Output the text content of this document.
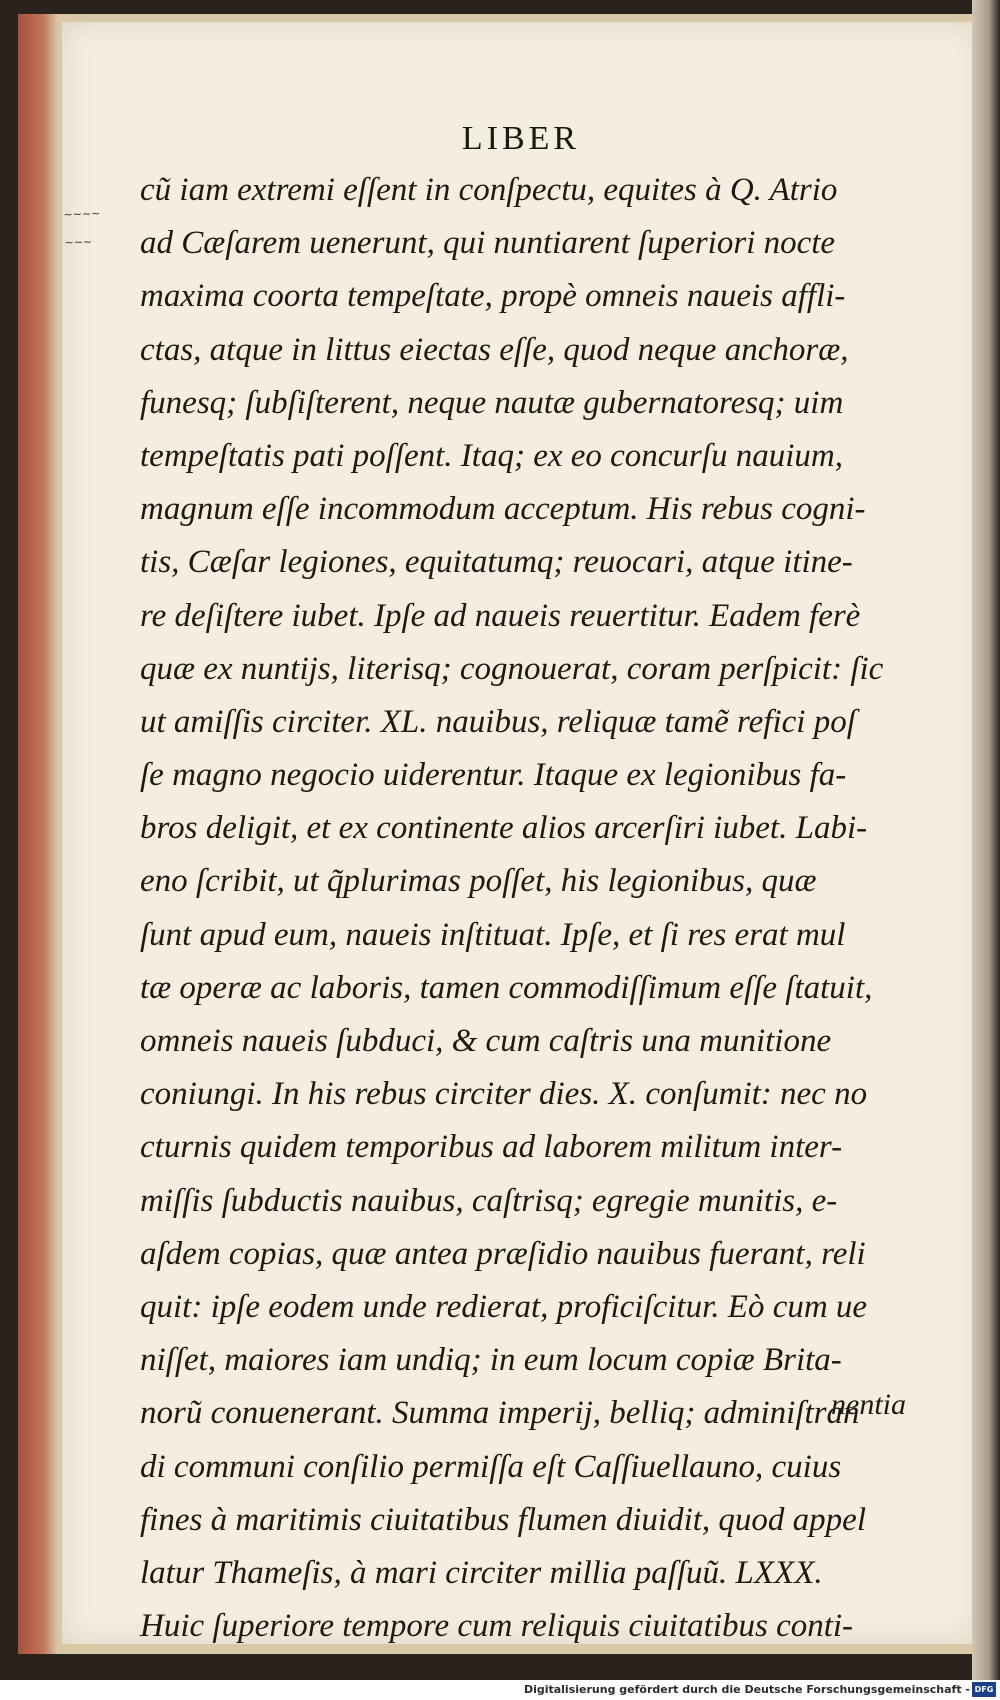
LIBER
~~~~
~~~
cũ iam extremi eſſent in conſpectu, equites à Q. Atrio
ad Cæſarem uenerunt, qui nuntiarent ſuperiori nocte
maxima coorta tempeſtate, propè omneis naueis affli-
ctas, atque in littus eiectas eſſe, quod neque anchoræ,
funesq; ſubſiſterent, neque nautæ gubernatoresq; uim
tempeſtatis pati poſſent. Itaq; ex eo concurſu nauium,
magnum eſſe incommodum acceptum. His rebus cogni-
tis, Cæſar legiones, equitatumq; reuocari, atque itine-
re deſiſtere iubet. Ipſe ad naueis reuertitur. Eadem ferè
quæ ex nuntijs, literisq; cognouerat, coram perſpicit: ſic
ut amiſſis circiter. XL. nauibus, reliquæ tamẽ refici poſ
ſe magno negocio uiderentur. Itaque ex legionibus fa-
bros deligit, et ex continente alios arcerſiri iubet. Labi-
eno ſcribit, ut q̃plurimas poſſet, his legionibus, quæ
ſunt apud eum, naueis inſtituat. Ipſe, et ſi res erat mul
tæ operæ ac laboris, tamen commodiſſimum eſſe ſtatuit,
omneis naueis ſubduci, & cum caſtris una munitione
coniungi. In his rebus circiter dies. X. conſumit: nec no
cturnis quidem temporibus ad laborem militum inter-
miſſis ſubductis nauibus, caſtrisq; egregie munitis, e-
aſdem copias, quæ antea præſidio nauibus fuerant, reli
quit: ipſe eodem unde redierat, proficiſcitur. Eò cum ue
niſſet, maiores iam undiq; in eum locum copiæ Brita-
norũ conuenerant. Summa imperij, belliq; adminiſtran
di communi conſilio permiſſa eſt Caſſiuellauno, cuius
fines à maritimis ciuitatibus flumen diuidit, quod appel
latur Thameſis, à mari circiter millia paſſuũ. LXXX.
Huic ſuperiore tempore cum reliquis ciuitatibus conti-
nentia
Digitalisierung gefördert durch die Deutsche Forschungsgemeinschaft - DFG
